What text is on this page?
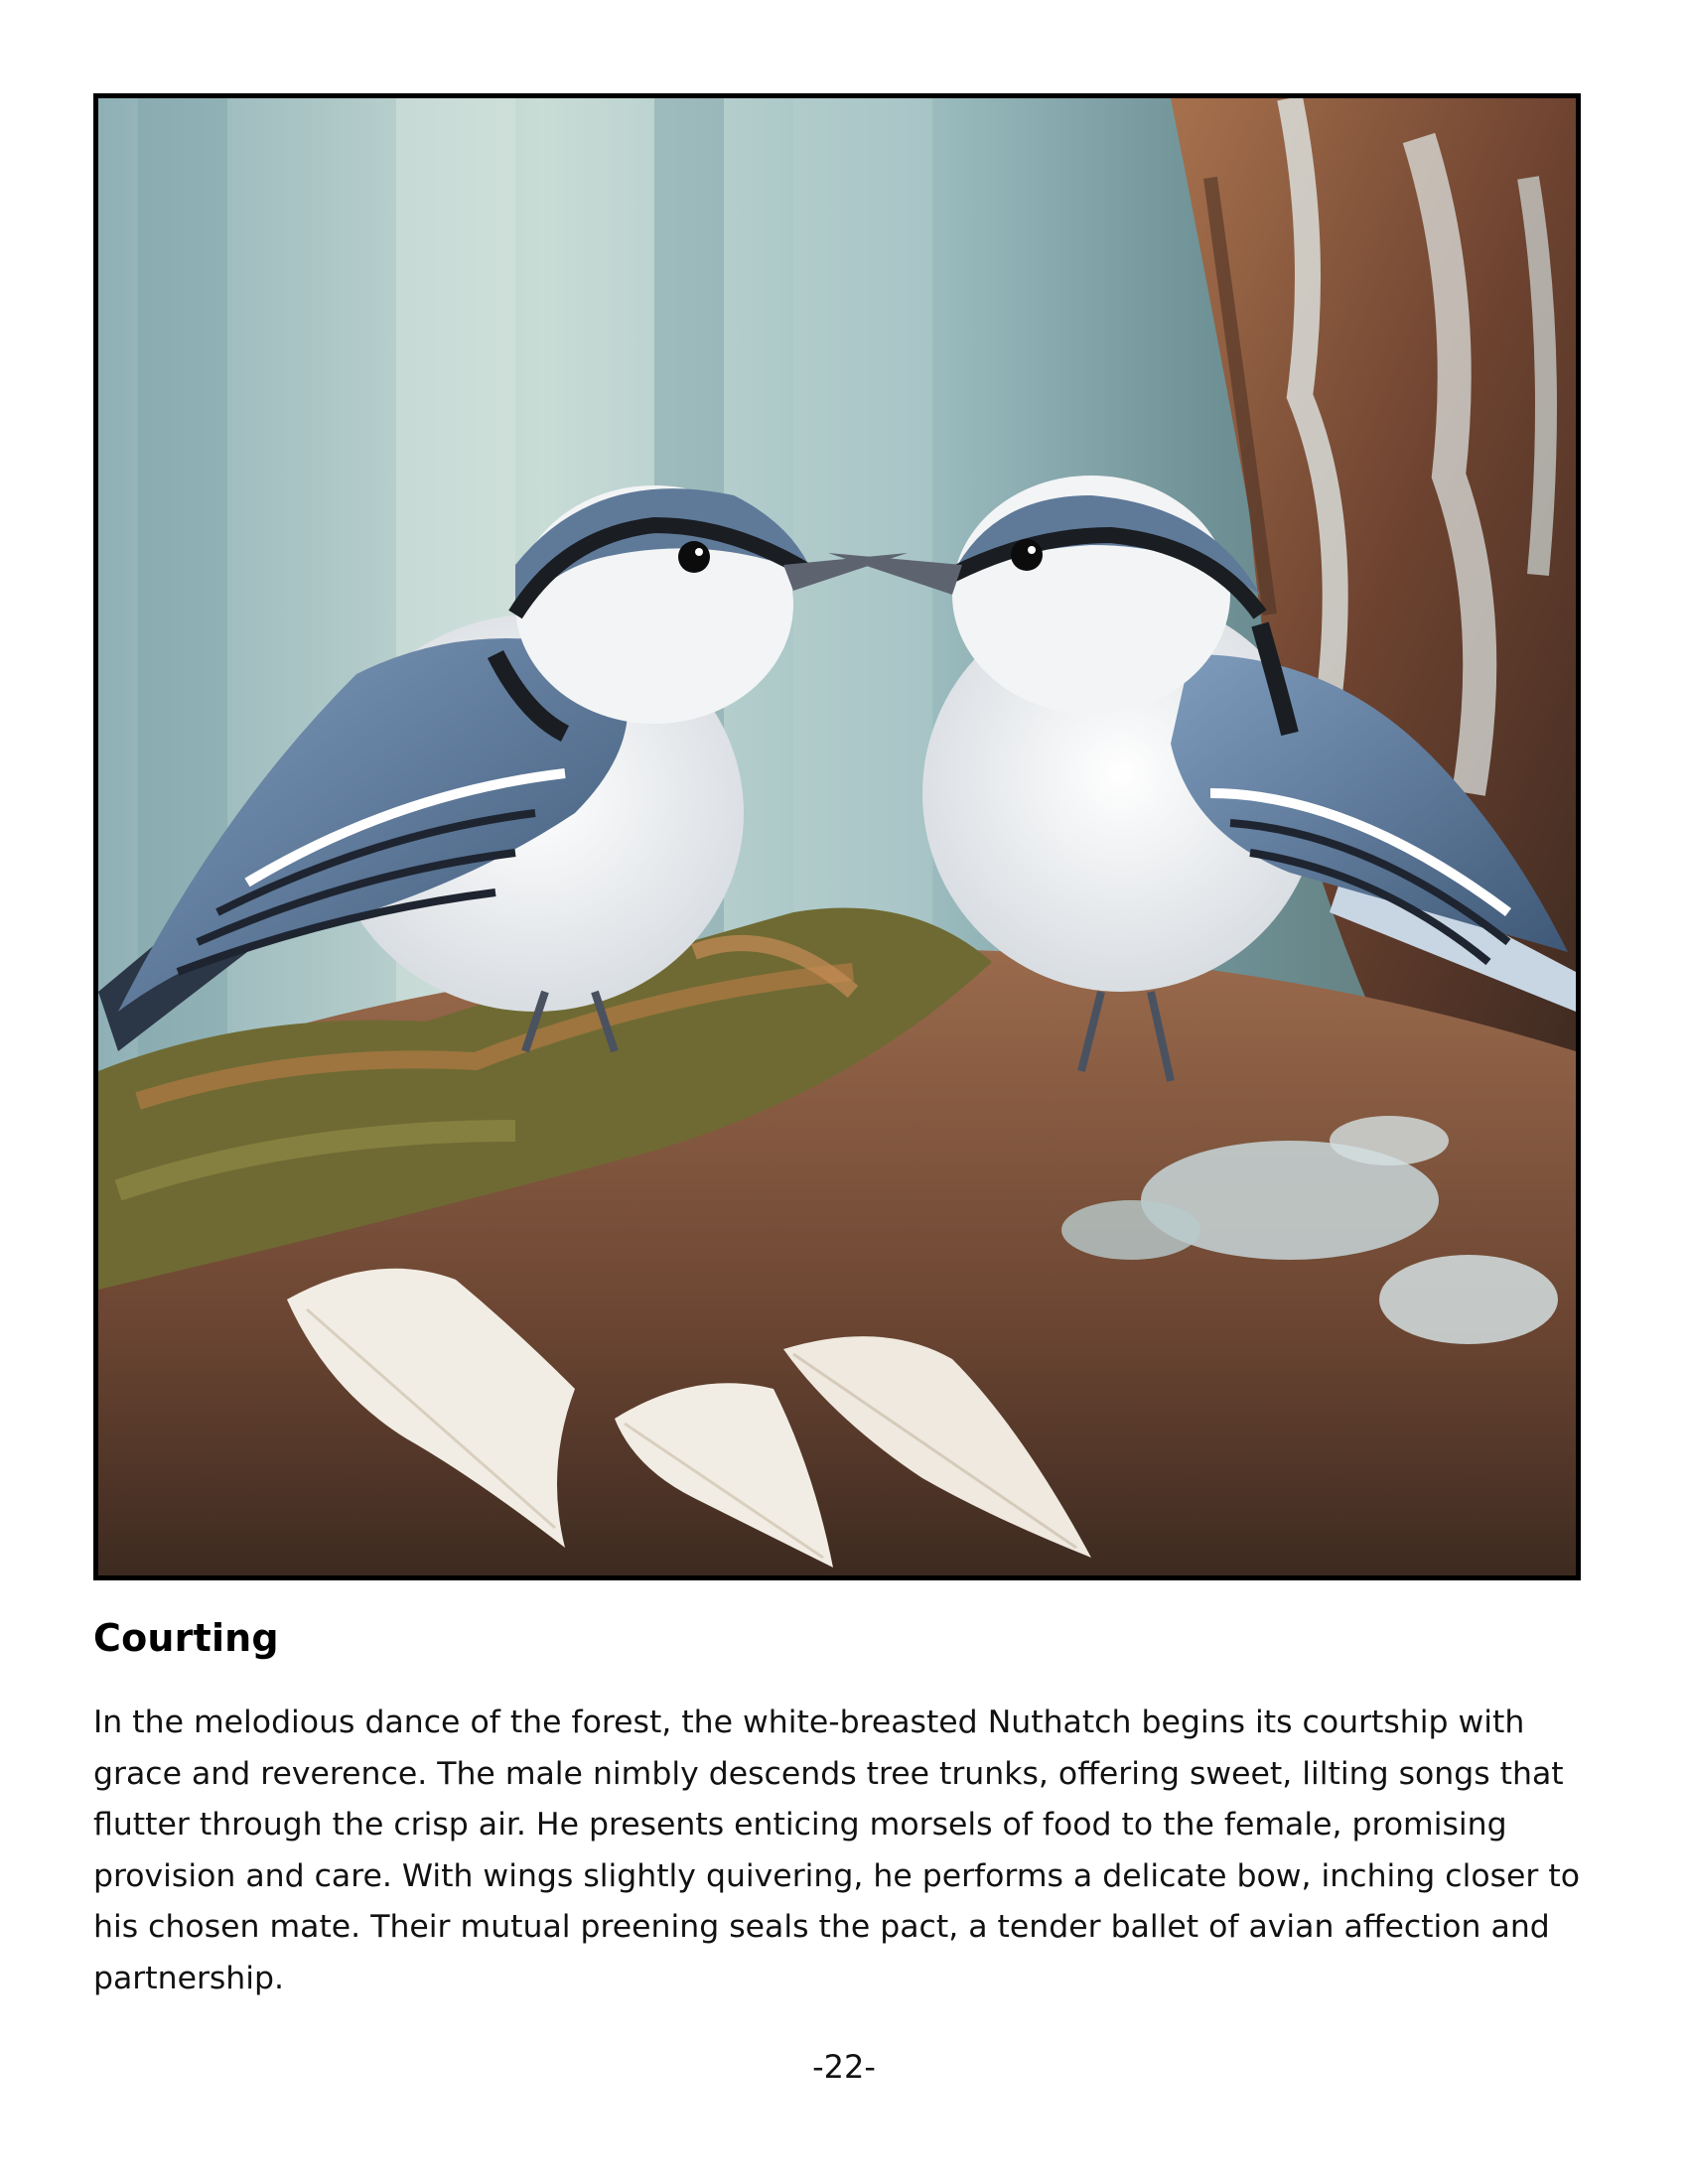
Courting

In the melodious dance of the forest, the white-breasted Nuthatch begins its courtship with grace and reverence. The male nimbly descends tree trunks, offering sweet, lilting songs that flutter through the crisp air. He presents enticing morsels of food to the female, promising provision and care. With wings slightly quivering, he performs a delicate bow, inching closer to his chosen mate. Their mutual preening seals the pact, a tender ballet of avian affection and partnership.

-22-
